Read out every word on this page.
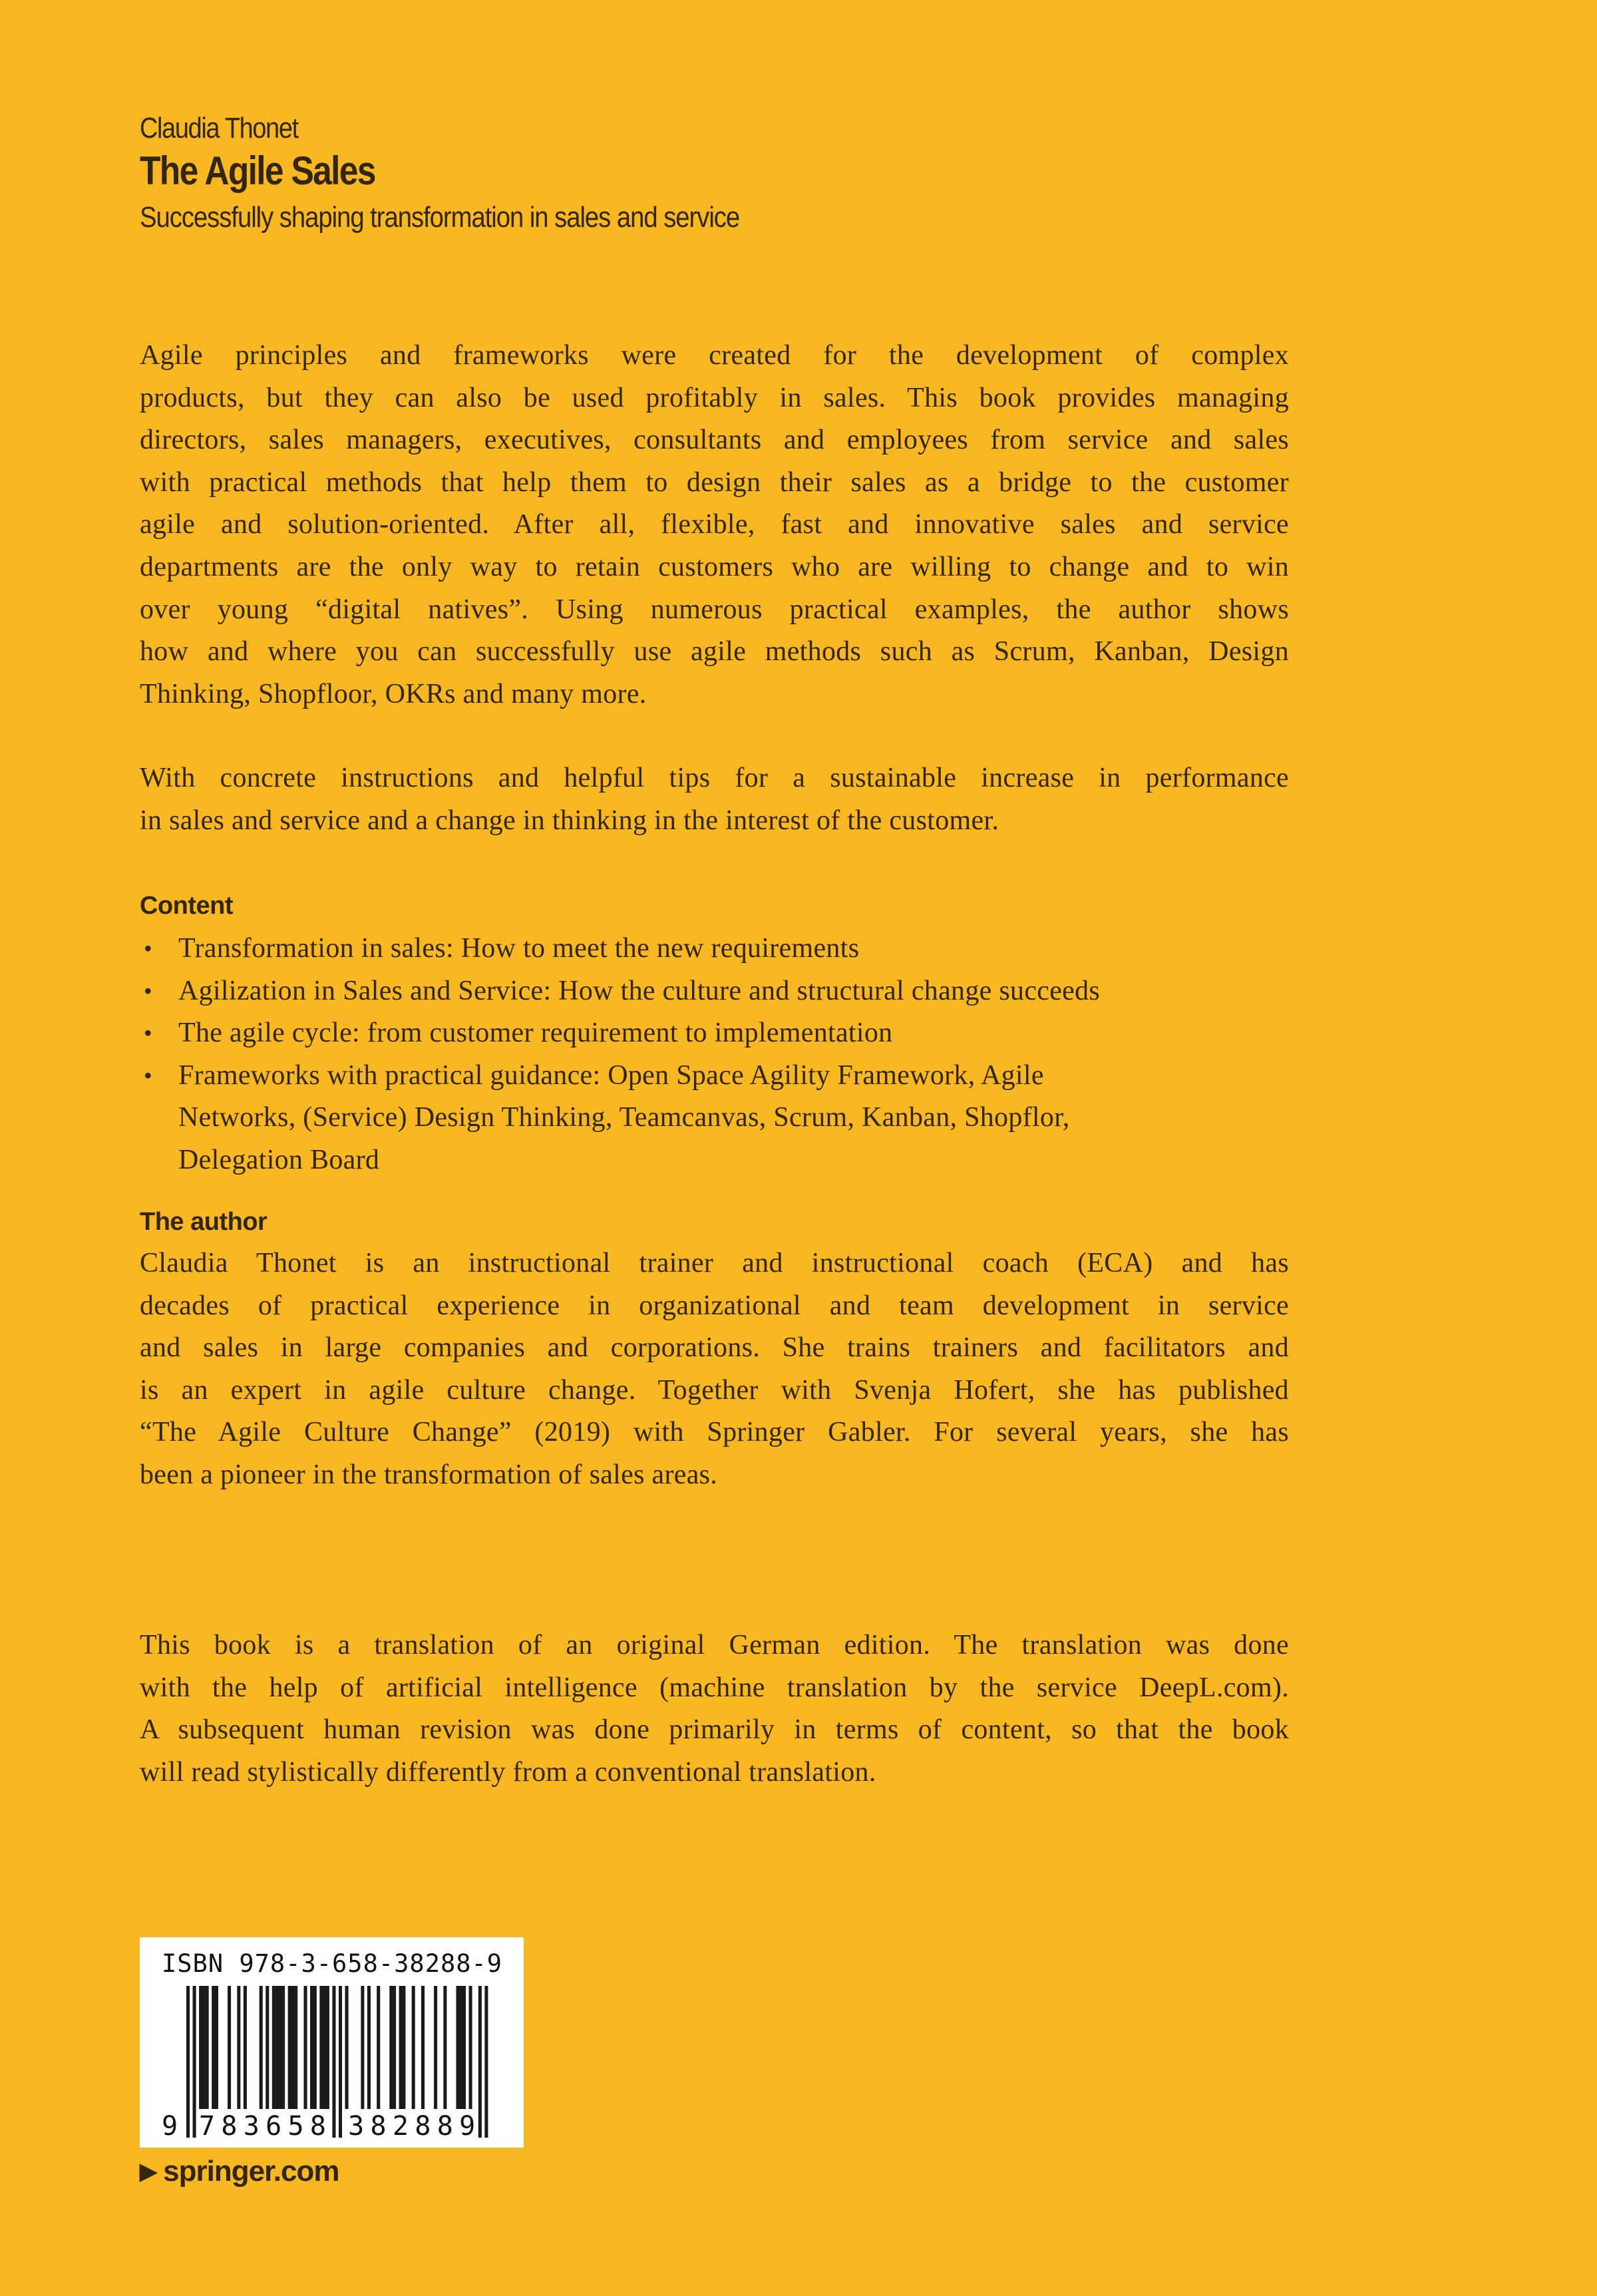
Claudia Thonet
The Agile Sales
Successfully shaping transformation in sales and service
Agile principles and frameworks were created for the development of complex
products, but they can also be used profitably in sales. This book provides managing
directors, sales managers, executives, consultants and employees from service and sales
with practical methods that help them to design their sales as a bridge to the customer
agile and solution-oriented. After all, flexible, fast and innovative sales and service
departments are the only way to retain customers who are willing to change and to win
over young “digital natives”. Using numerous practical examples, the author shows
how and where you can successfully use agile methods such as Scrum, Kanban, Design
Thinking, Shopfloor, OKRs and many more.
With concrete instructions and helpful tips for a sustainable increase in performance
in sales and service and a change in thinking in the interest of the customer.
Content
• Transformation in sales: How to meet the new requirements
• Agilization in Sales and Service: How the culture and structural change succeeds
• The agile cycle: from customer requirement to implementation
• Frameworks with practical guidance: Open Space Agility Framework, Agile
Networks, (Service) Design Thinking, Teamcanvas, Scrum, Kanban, Shopflor,
Delegation Board
The author
Claudia Thonet is an instructional trainer and instructional coach (ECA) and has
decades of practical experience in organizational and team development in service
and sales in large companies and corporations. She trains trainers and facilitators and
is an expert in agile culture change. Together with Svenja Hofert, she has published
“The Agile Culture Change” (2019) with Springer Gabler. For several years, she has
been a pioneer in the transformation of sales areas.
This book is a translation of an original German edition. The translation was done
with the help of artificial intelligence (machine translation by the service DeepL.com).
A subsequent human revision was done primarily in terms of content, so that the book
will read stylistically differently from a conventional translation.
ISBN 978-3-658-38288-9
9 7 8 3 6 5 8 3 8 2 8 8 9
▶ springer.com
